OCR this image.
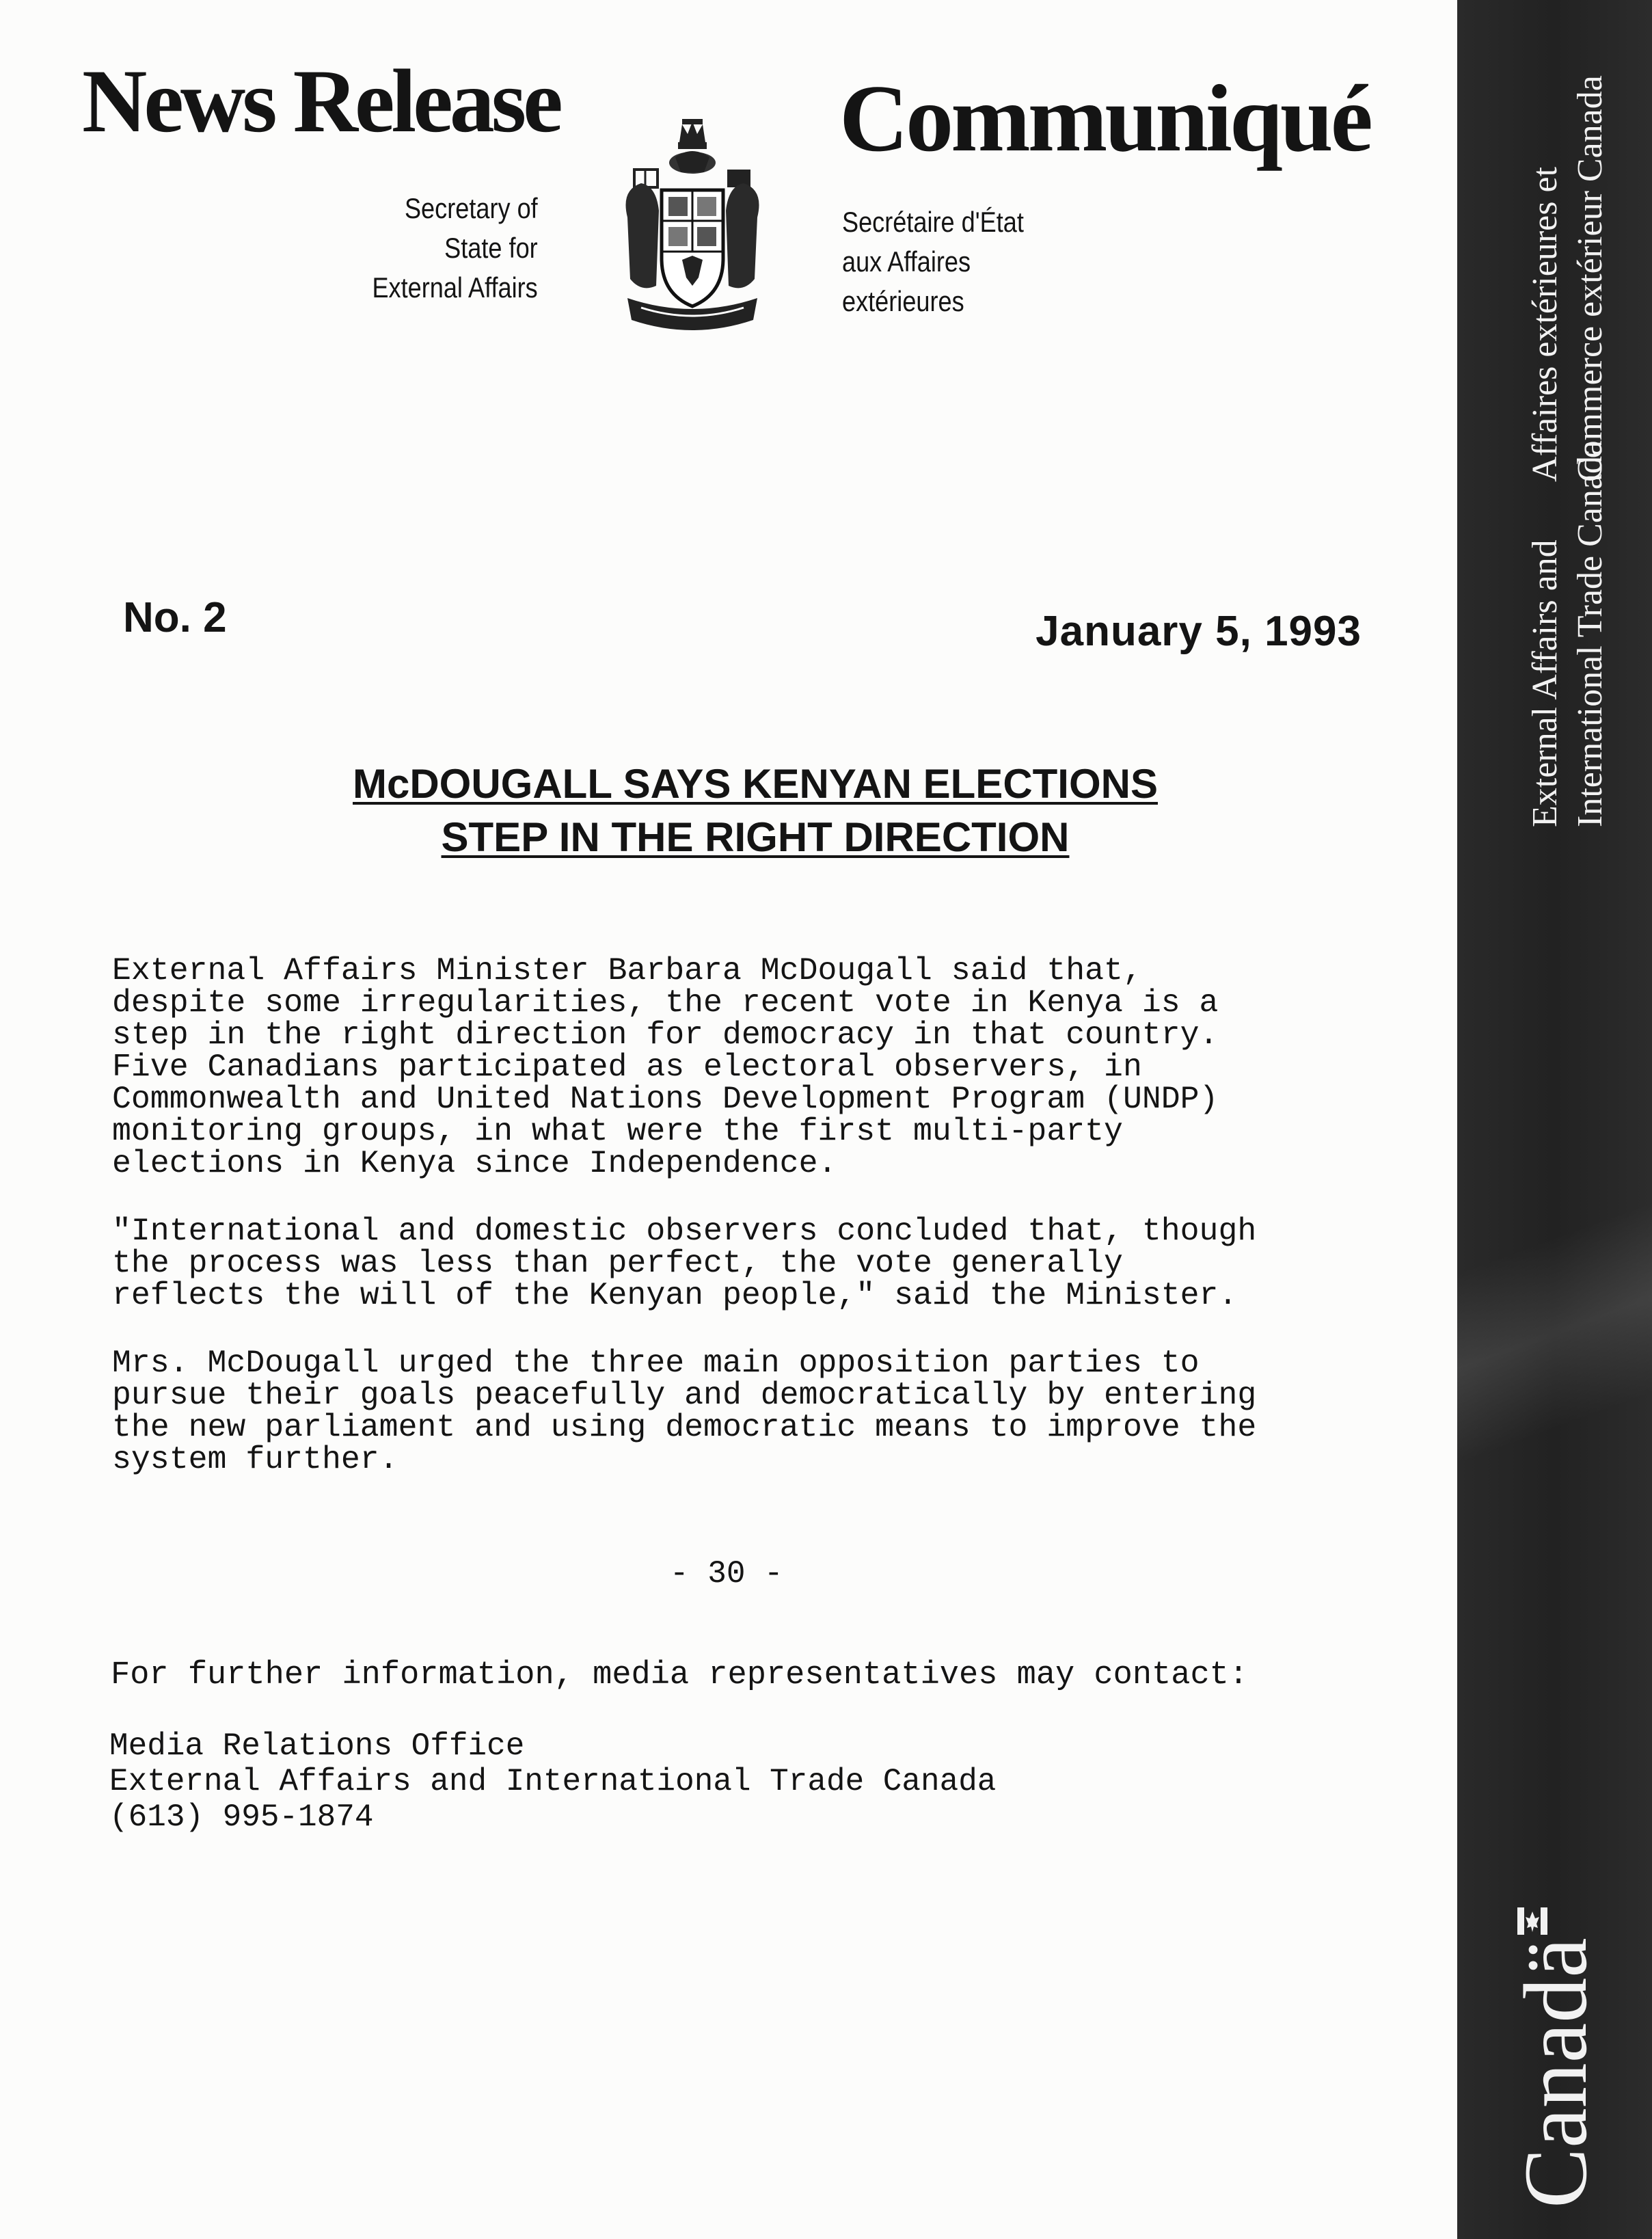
News Release
Secretary of
State for
External Affairs
Communiqué
Secrétaire d'État
aux Affaires
extérieures
No. 2	January 5, 1993
McDOUGALL SAYS KENYAN ELECTIONS
STEP IN THE RIGHT DIRECTION

External Affairs Minister Barbara McDougall said that,
despite some irregularities, the recent vote in Kenya is a
step in the right direction for democracy in that country.
Five Canadians participated as electoral observers, in
Commonwealth and United Nations Development Program (UNDP)
monitoring groups, in what were the first multi-party
elections in Kenya since Independence.

"International and domestic observers concluded that, though
the process was less than perfect, the vote generally
reflects the will of the Kenyan people," said the Minister.

Mrs. McDougall urged the three main opposition parties to
pursue their goals peacefully and democratically by entering
the new parliament and using democratic means to improve the
system further.

- 30 -
For further information, media representatives may contact:
Media Relations Office
External Affairs and International Trade Canada
(613) 995-1874
External Affairs and International Trade Canada
Affaires extérieures et Commerce extérieur Canada
Canadä
